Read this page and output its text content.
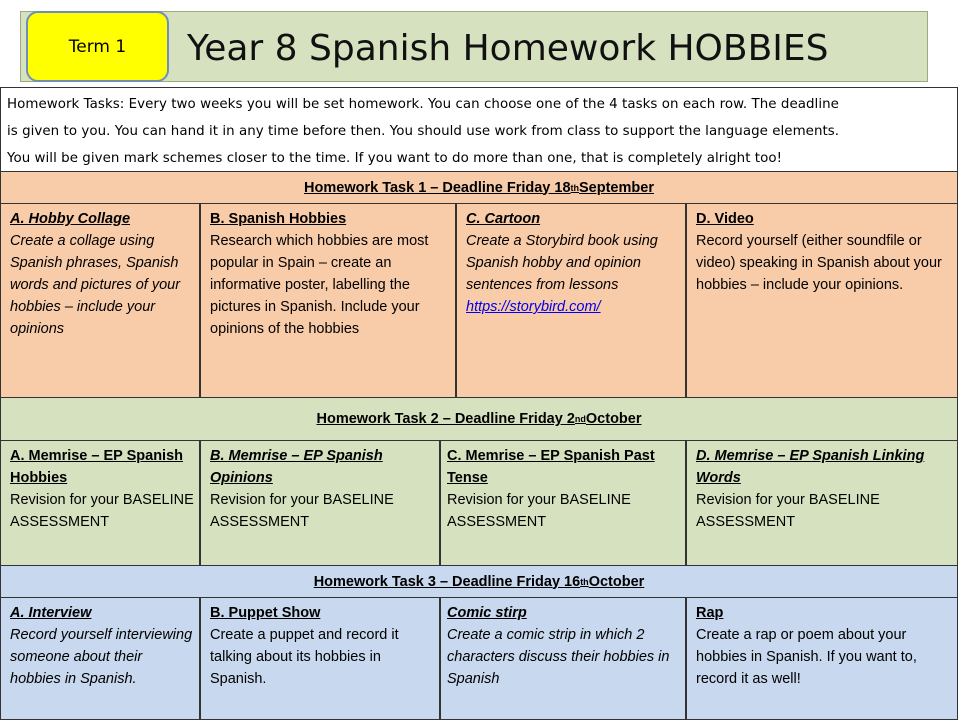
Year 8 Spanish Homework HOBBIES
Term 1
Homework Tasks: Every two weeks you will be set homework. You can choose one of the 4 tasks on each row. The deadline
is given to you. You can hand it in any time before then. You should use work from class to support the language elements.
You will be given mark schemes closer to the time. If you want to do more than one, that is completely alright too!
Homework Task 1 – Deadline Friday 18 th September
A. Hobby Collage
Create a collage using Spanish phrases, Spanish words and pictures of your hobbies – include your opinions
B. Spanish Hobbies
Research which hobbies are most popular in Spain – create an informative poster, labelling the pictures in Spanish. Include your opinions of the hobbies
C. Cartoon
Create a Storybird book using Spanish hobby and opinion sentences from lessons
https://storybird.com/
D. Video
Record yourself (either soundfile or video) speaking in Spanish about your hobbies – include your opinions.
Homework Task 2 – Deadline Friday 2 nd October
A. Memrise – EP Spanish Hobbies
Revision for your BASELINE ASSESSMENT
B. Memrise – EP Spanish Opinions
Revision for your BASELINE ASSESSMENT
C. Memrise – EP Spanish Past Tense
Revision for your BASELINE ASSESSMENT
D. Memrise – EP Spanish Linking Words
Revision for your BASELINE ASSESSMENT
Homework Task 3 – Deadline Friday 16 th October
A. Interview
Record yourself interviewing someone about their hobbies in Spanish.
B. Puppet Show
Create a puppet and record it talking about its hobbies in Spanish.
Comic stirp
Create a comic strip in which 2 characters discuss their hobbies in Spanish
Rap
Create a rap or poem about your hobbies in Spanish. If you want to, record it as well!
